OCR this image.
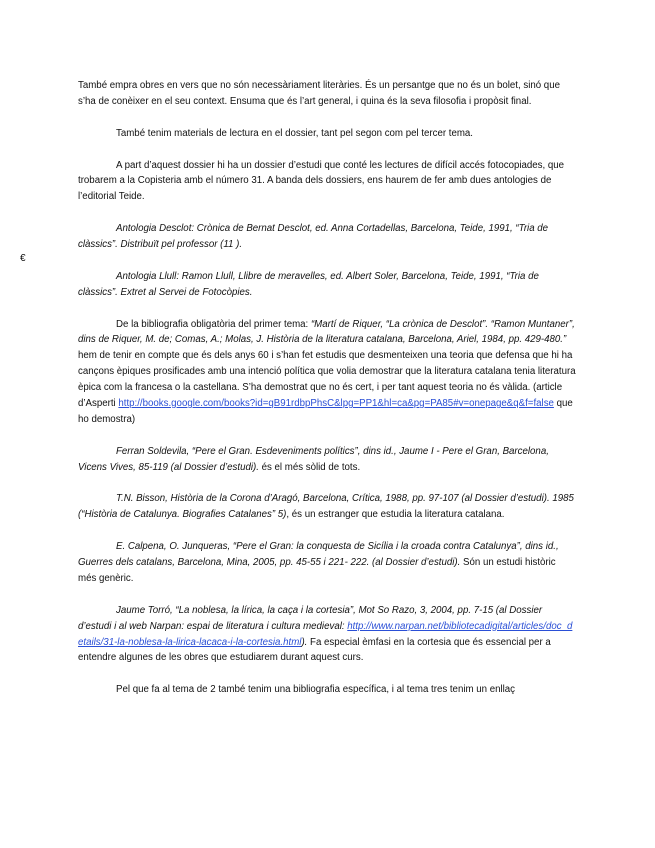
€

També empra obres en vers que no són necessàriament literàries. És un persantge que no és un bolet, sinó que s’ha de conèixer en el seu context. Ensuma que és l’art general, i quina és la seva filosofia i propòsit final.

També tenim materials de lectura en el dossier, tant pel segon com pel tercer tema.

A part d’aquest dossier hi ha un dossier d’estudi que conté les lectures de difícil accés fotocopiades, que trobarem a la Copisteria amb el número 31. A banda dels dossiers, ens haurem de fer amb dues antologies de l’editorial Teide.

Antologia Desclot: Crònica de Bernat Desclot, ed. Anna Cortadellas, Barcelona, Teide, 1991, “Tria de clàssics”. Distribuït pel professor (11 ).

Antologia Llull: Ramon Llull, Llibre de meravelles, ed. Albert Soler, Barcelona, Teide, 1991, “Tria de clàssics”. Extret al Servei de Fotocòpies.

De la bibliografia obligatòria del primer tema: “Martí de Riquer, “La crònica de Desclot”. “Ramon Muntaner”, dins de Riquer, M. de; Comas, A.; Molas, J. Història de la literatura catalana, Barcelona, Ariel, 1984, pp. 429-480.” hem de tenir en compte que és dels anys 60 i s’han fet estudis que desmenteixen una teoria que defensa que hi ha cançons èpiques prosificades amb una intenció política que volia demostrar que la literatura catalana tenia literatura èpica com la francesa o la castellana. S’ha demostrat que no és cert, i per tant aquest teoria no és vàlida. (article d’Asperti http://books.google.com/books?id=qB91rdbpPhsC&lpg=PP1&hl=ca&pg=PA85#v=onepage&q&f=false que ho demostra)

Ferran Soldevila, “Pere el Gran. Esdeveniments polítics”, dins id., Jaume I - Pere el Gran, Barcelona, Vicens Vives, 85-119 (al Dossier d’estudi). és el més sòlid de tots.

T.N. Bisson, Història de la Corona d’Aragó, Barcelona, Crítica, 1988, pp. 97-107 (al Dossier d’estudi). 1985 (“Història de Catalunya. Biografies Catalanes” 5), és un estranger que estudia la literatura catalana.

E. Calpena, O. Junqueras, “Pere el Gran: la conquesta de Sicília i la croada contra Catalunya”, dins id., Guerres dels catalans, Barcelona, Mina, 2005, pp. 45-55 i 221- 222. (al Dossier d’estudi). Són un estudi històric més genèric.

Jaume Torró, “La noblesa, la lírica, la caça i la cortesia”, Mot So Razo, 3, 2004, pp. 7-15 (al Dossier d’estudi i al web Narpan: espai de literatura i cultura medieval: http://www.narpan.net/bibliotecadigital/articles/doc_details/31-la-noblesa-la-lirica-lacaca-i-la-cortesia.html). Fa especial èmfasi en la cortesia que és essencial per a entendre algunes de les obres que estudiarem durant aquest curs.

Pel que fa al tema de 2 també tenim una bibliografia específica, i al tema tres tenim un enllaç
